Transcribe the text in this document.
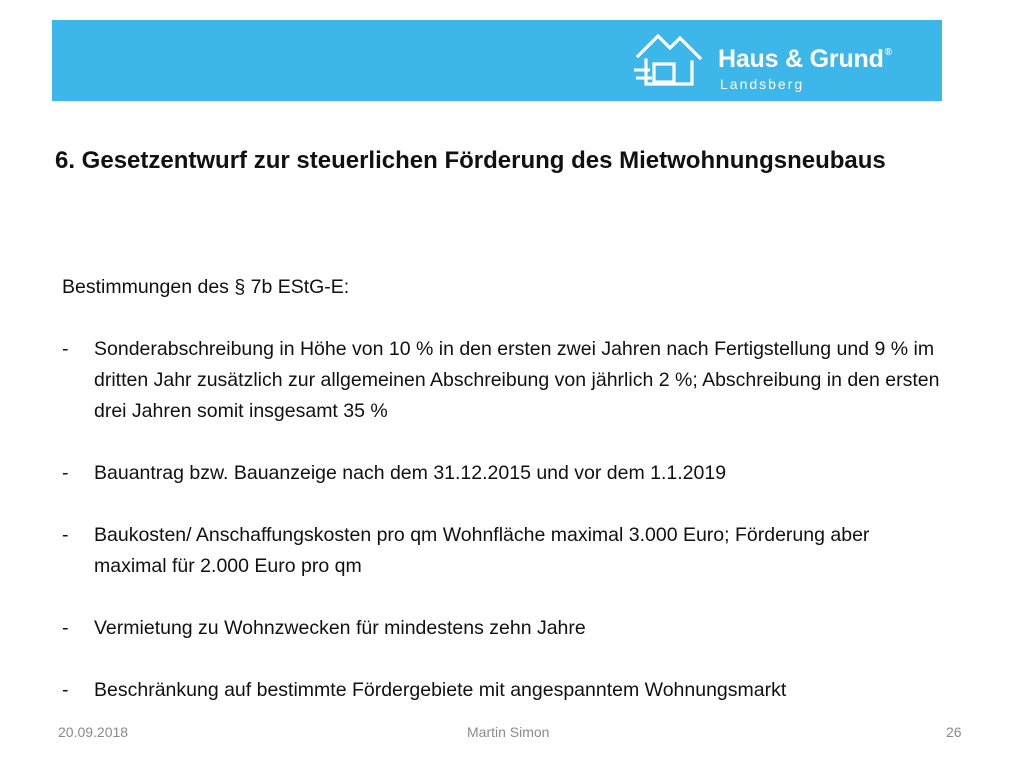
Haus & Grund®
Landsberg
6. Gesetzentwurf zur steuerlichen Förderung des Mietwohnungsneubaus

Bestimmungen des § 7b EStG-E:

- Sonderabschreibung in Höhe von 10 % in den ersten zwei Jahren nach Fertigstellung und 9 % im dritten Jahr zusätzlich zur allgemeinen Abschreibung von jährlich 2 %; Abschreibung in den ersten drei Jahren somit insgesamt 35 %
- Bauantrag bzw. Bauanzeige nach dem 31.12.2015 und vor dem 1.1.2019
- Baukosten/ Anschaffungskosten pro qm Wohnfläche maximal 3.000 Euro; Förderung aber maximal für 2.000 Euro pro qm
- Vermietung zu Wohnzwecken für mindestens zehn Jahre
- Beschränkung auf bestimmte Fördergebiete mit angespanntem Wohnungsmarkt
20.09.2018	Martin Simon	26
